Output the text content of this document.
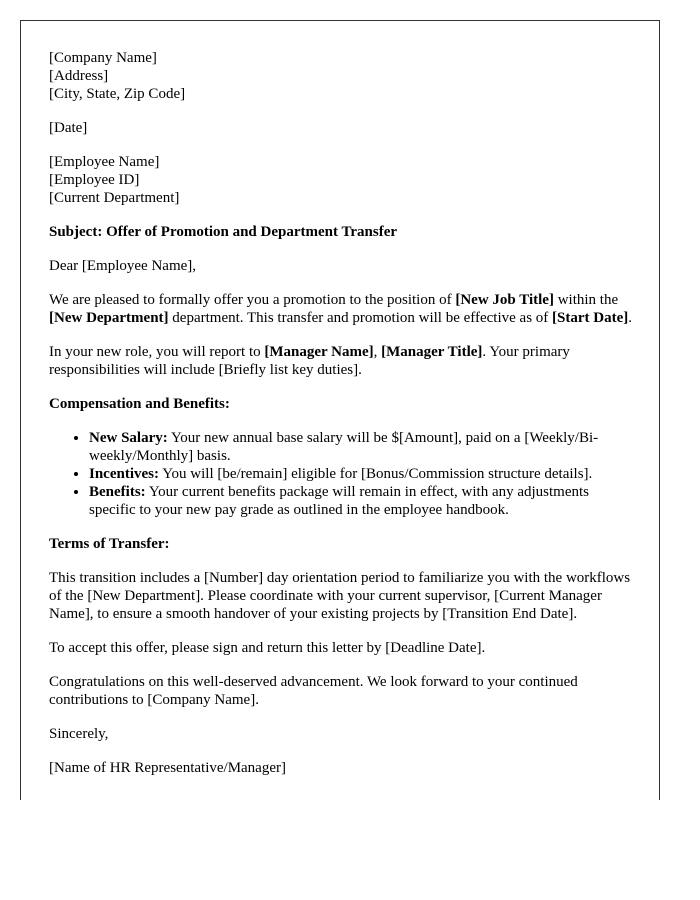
[Company Name]
[Address]
[City, State, Zip Code]

[Date]

[Employee Name]
[Employee ID]
[Current Department]

Subject: Offer of Promotion and Department Transfer

Dear [Employee Name],

We are pleased to formally offer you a promotion to the position of [New Job Title] within the [New Department] department. This transfer and promotion will be effective as of [Start Date].

In your new role, you will report to [Manager Name], [Manager Title]. Your primary responsibilities will include [Briefly list key duties].

Compensation and Benefits:

• New Salary: Your new annual base salary will be $[Amount], paid on a [Weekly/Bi-weekly/Monthly] basis.
• Incentives: You will [be/remain] eligible for [Bonus/Commission structure details].
• Benefits: Your current benefits package will remain in effect, with any adjustments specific to your new pay grade as outlined in the employee handbook.

Terms of Transfer:

This transition includes a [Number] day orientation period to familiarize you with the workflows of the [New Department]. Please coordinate with your current supervisor, [Current Manager Name], to ensure a smooth handover of your existing projects by [Transition End Date].

To accept this offer, please sign and return this letter by [Deadline Date].

Congratulations on this well-deserved advancement. We look forward to your continued contributions to [Company Name].

Sincerely,

[Name of HR Representative/Manager]
